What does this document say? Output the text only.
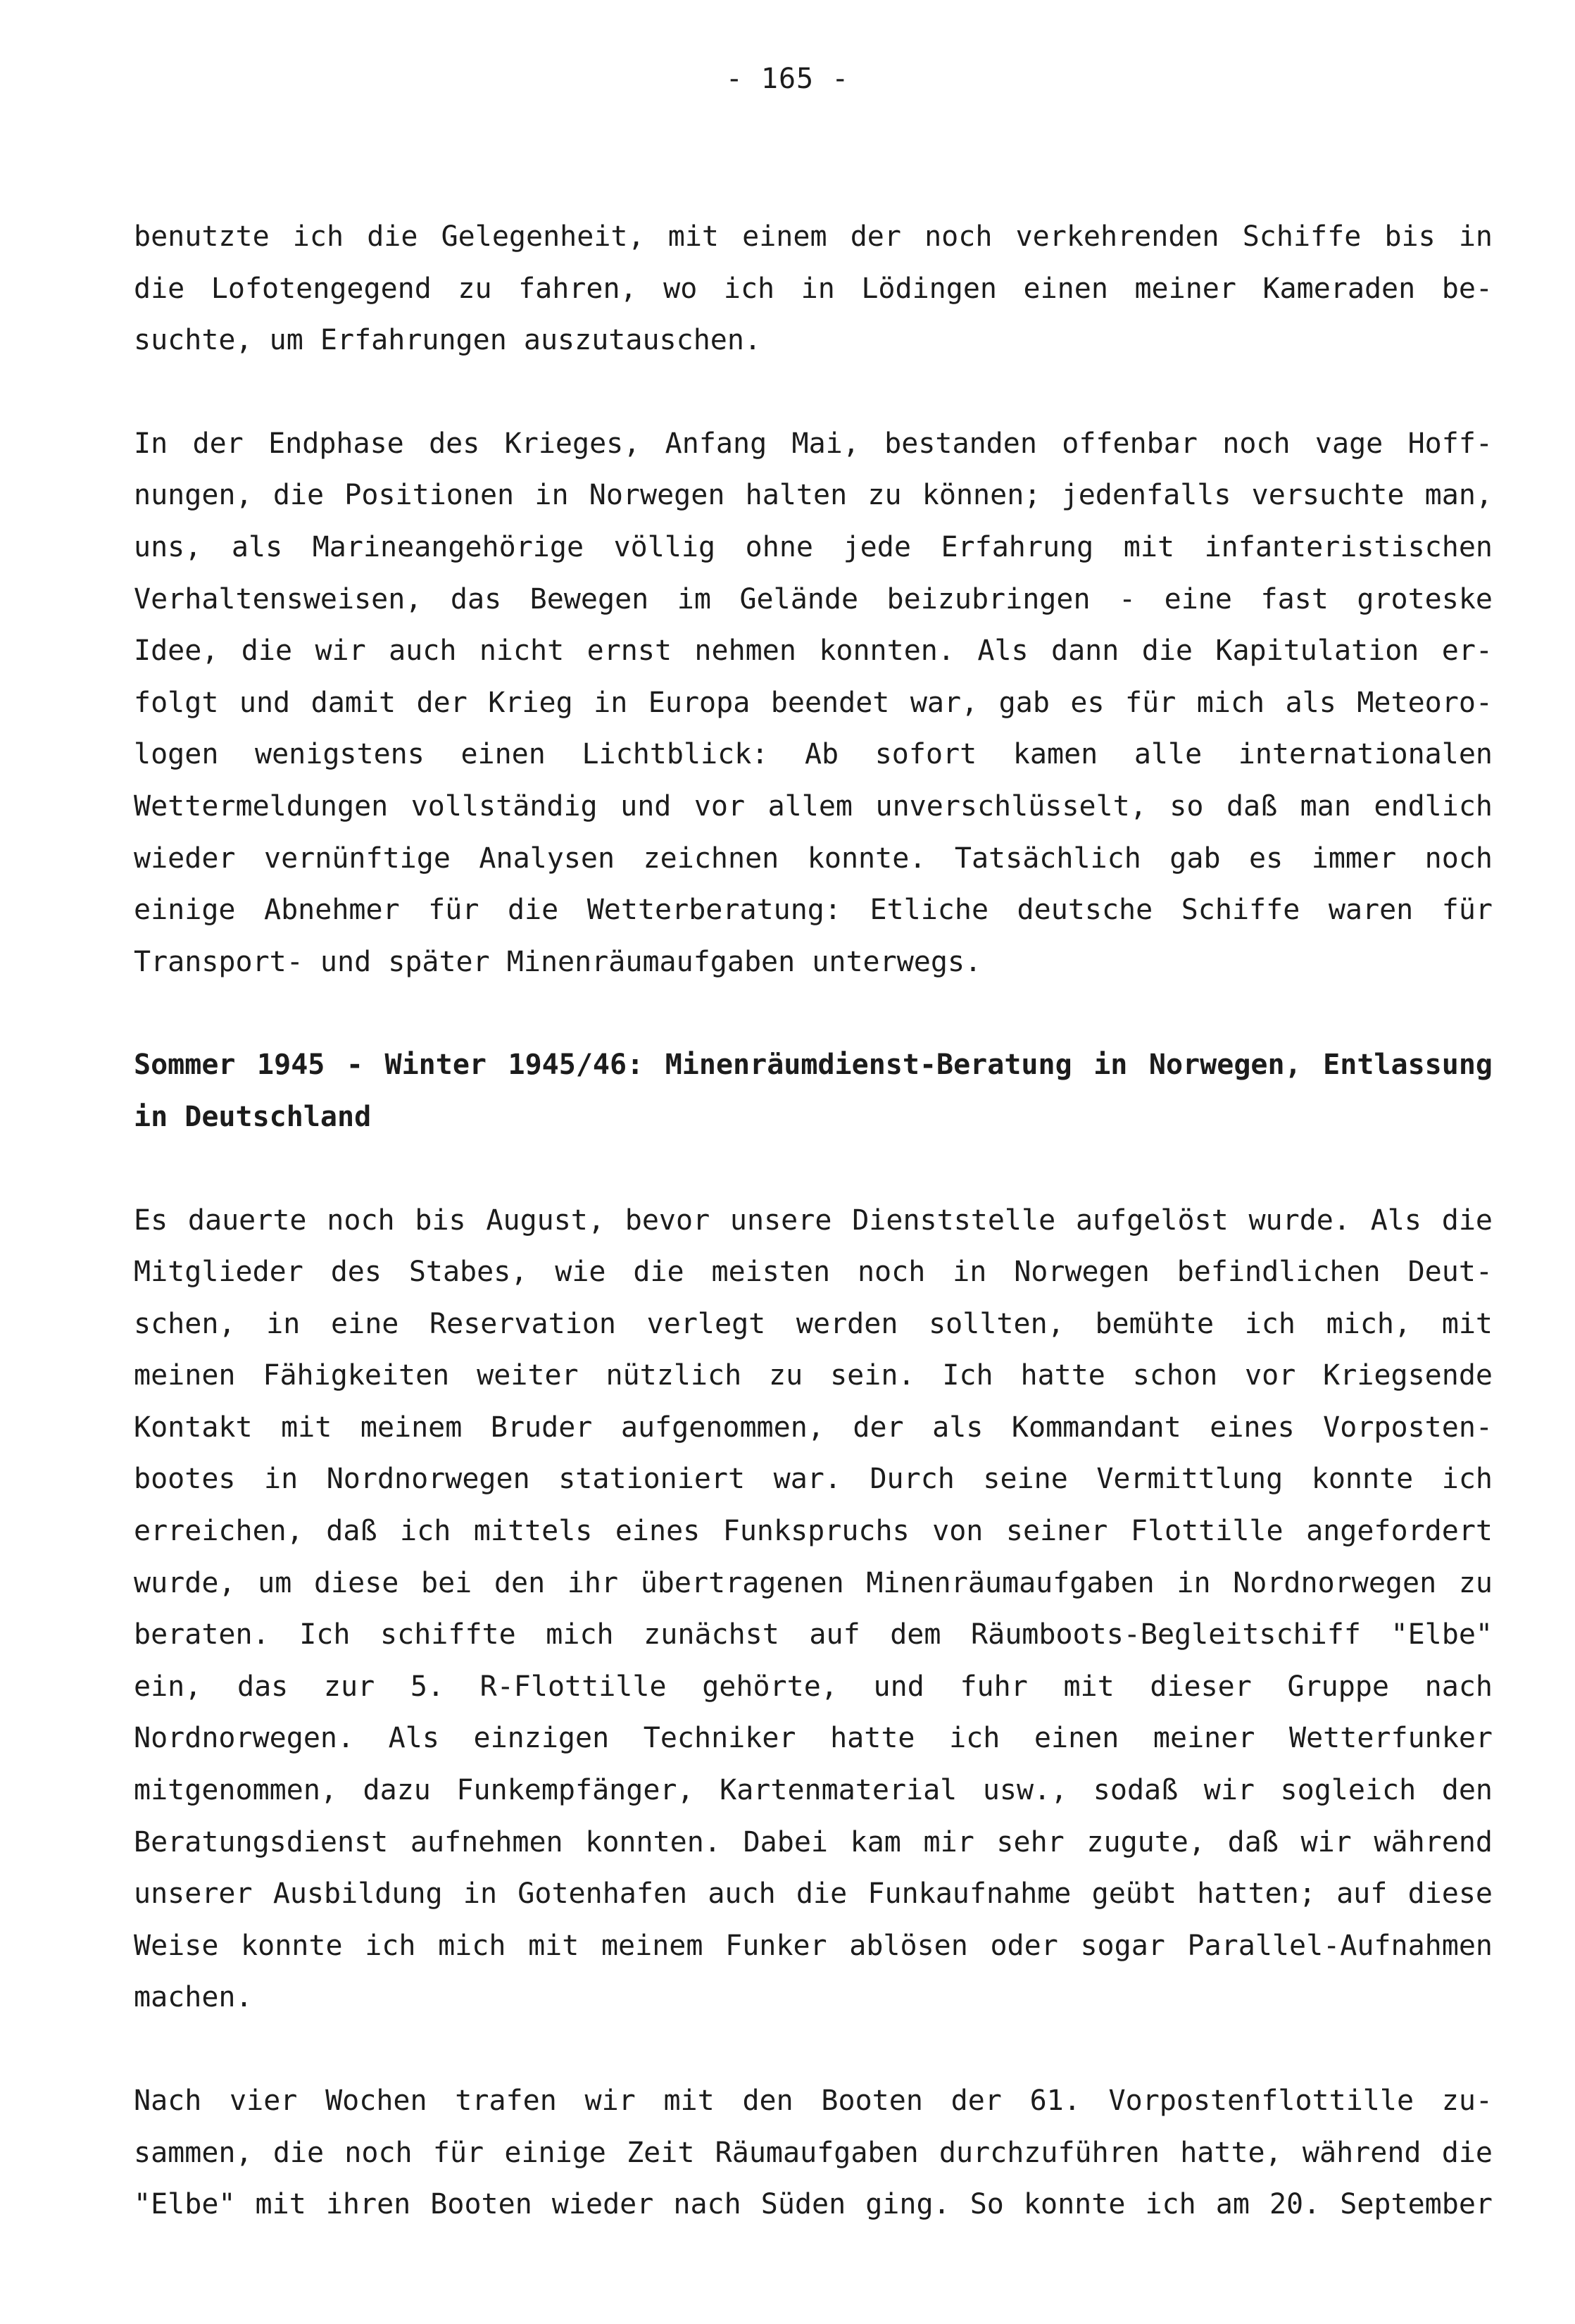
- 165 -

benutzte ich die Gelegenheit, mit einem der noch verkehrenden Schiffe bis in
die Lofotengegend zu fahren, wo ich in Lödingen einen meiner Kameraden be-
suchte, um Erfahrungen auszutauschen.

In der Endphase des Krieges, Anfang Mai, bestanden offenbar noch vage Hoff-
nungen, die Positionen in Norwegen halten zu können; jedenfalls versuchte man,
uns, als Marineangehörige völlig ohne jede Erfahrung mit infanteristischen
Verhaltensweisen, das Bewegen im Gelände beizubringen - eine fast groteske
Idee, die wir auch nicht ernst nehmen konnten. Als dann die Kapitulation er-
folgt und damit der Krieg in Europa beendet war, gab es für mich als Meteoro-
logen wenigstens einen Lichtblick: Ab sofort kamen alle internationalen
Wettermeldungen vollständig und vor allem unverschlüsselt, so daß man endlich
wieder vernünftige Analysen zeichnen konnte. Tatsächlich gab es immer noch
einige Abnehmer für die Wetterberatung: Etliche deutsche Schiffe waren für
Transport- und später Minenräumaufgaben unterwegs.

Sommer 1945 - Winter 1945/46: Minenräumdienst-Beratung in Norwegen, Entlassung
in Deutschland

Es dauerte noch bis August, bevor unsere Dienststelle aufgelöst wurde. Als die
Mitglieder des Stabes, wie die meisten noch in Norwegen befindlichen Deut-
schen, in eine Reservation verlegt werden sollten, bemühte ich mich, mit
meinen Fähigkeiten weiter nützlich zu sein. Ich hatte schon vor Kriegsende
Kontakt mit meinem Bruder aufgenommen, der als Kommandant eines Vorposten-
bootes in Nordnorwegen stationiert war. Durch seine Vermittlung konnte ich
erreichen, daß ich mittels eines Funkspruchs von seiner Flottille angefordert
wurde, um diese bei den ihr übertragenen Minenräumaufgaben in Nordnorwegen zu
beraten. Ich schiffte mich zunächst auf dem Räumboots-Begleitschiff "Elbe"
ein, das zur 5. R-Flottille gehörte, und fuhr mit dieser Gruppe nach
Nordnorwegen. Als einzigen Techniker hatte ich einen meiner Wetterfunker
mitgenommen, dazu Funkempfänger, Kartenmaterial usw., sodaß wir sogleich den
Beratungsdienst aufnehmen konnten. Dabei kam mir sehr zugute, daß wir während
unserer Ausbildung in Gotenhafen auch die Funkaufnahme geübt hatten; auf diese
Weise konnte ich mich mit meinem Funker ablösen oder sogar Parallel-Aufnahmen
machen.

Nach vier Wochen trafen wir mit den Booten der 61. Vorpostenflottille zu-
sammen, die noch für einige Zeit Räumaufgaben durchzuführen hatte, während die
"Elbe" mit ihren Booten wieder nach Süden ging. So konnte ich am 20. September
